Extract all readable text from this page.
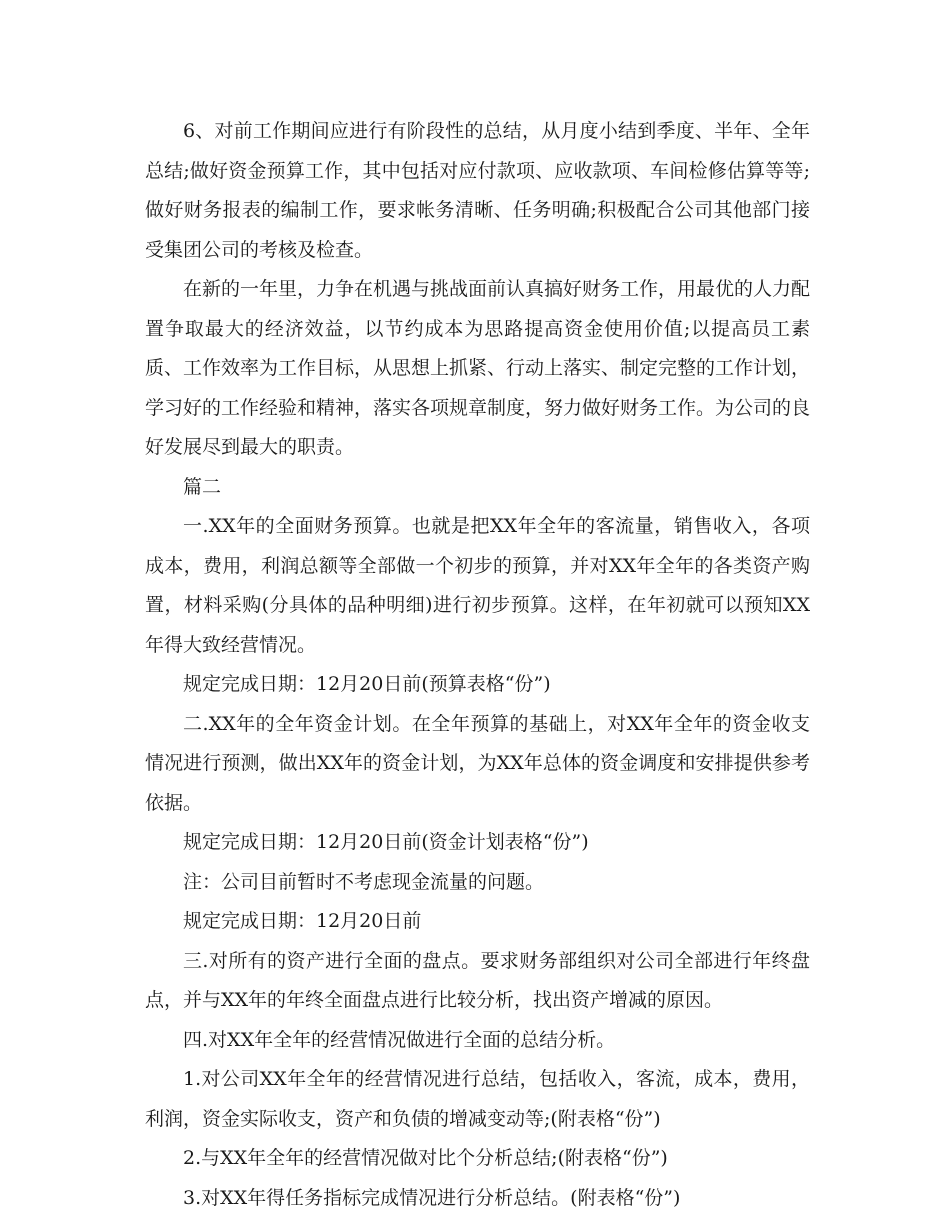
6、对前工作期间应进行有阶段性的总结，从月度小结到季度、半年、全年总结;做好资金预算工作，其中包括对应付款项、应收款项、车间检修估算等等;做好财务报表的编制工作，要求帐务清晰、任务明确;积极配合公司其他部门接受集团公司的考核及检查。

在新的一年里，力争在机遇与挑战面前认真搞好财务工作，用最优的人力配置争取最大的经济效益，以节约成本为思路提高资金使用价值;以提高员工素质、工作效率为工作目标，从思想上抓紧、行动上落实、制定完整的工作计划，学习好的工作经验和精神，落实各项规章制度，努力做好财务工作。为公司的良好发展尽到最大的职责。

篇二

一.XX年的全面财务预算。也就是把XX年全年的客流量，销售收入，各项成本，费用，利润总额等全部做一个初步的预算，并对XX年全年的各类资产购置，材料采购(分具体的品种明细)进行初步预算。这样，在年初就可以预知XX年得大致经营情况。

规定完成日期：12月20日前(预算表格“份”)

二.XX年的全年资金计划。在全年预算的基础上，对XX年全年的资金收支情况进行预测，做出XX年的资金计划，为XX年总体的资金调度和安排提供参考依据。

规定完成日期：12月20日前(资金计划表格“份”)

注：公司目前暂时不考虑现金流量的问题。

规定完成日期：12月20日前

三.对所有的资产进行全面的盘点。要求财务部组织对公司全部进行年终盘点，并与XX年的年终全面盘点进行比较分析，找出资产增减的原因。

四.对XX年全年的经营情况做进行全面的总结分析。

1.对公司XX年全年的经营情况进行总结，包括收入，客流，成本，费用，利润，资金实际收支，资产和负债的增减变动等;(附表格“份”)

2.与XX年全年的经营情况做对比个分析总结;(附表格“份”)

3.对XX年得任务指标完成情况进行分析总结。(附表格“份”)
